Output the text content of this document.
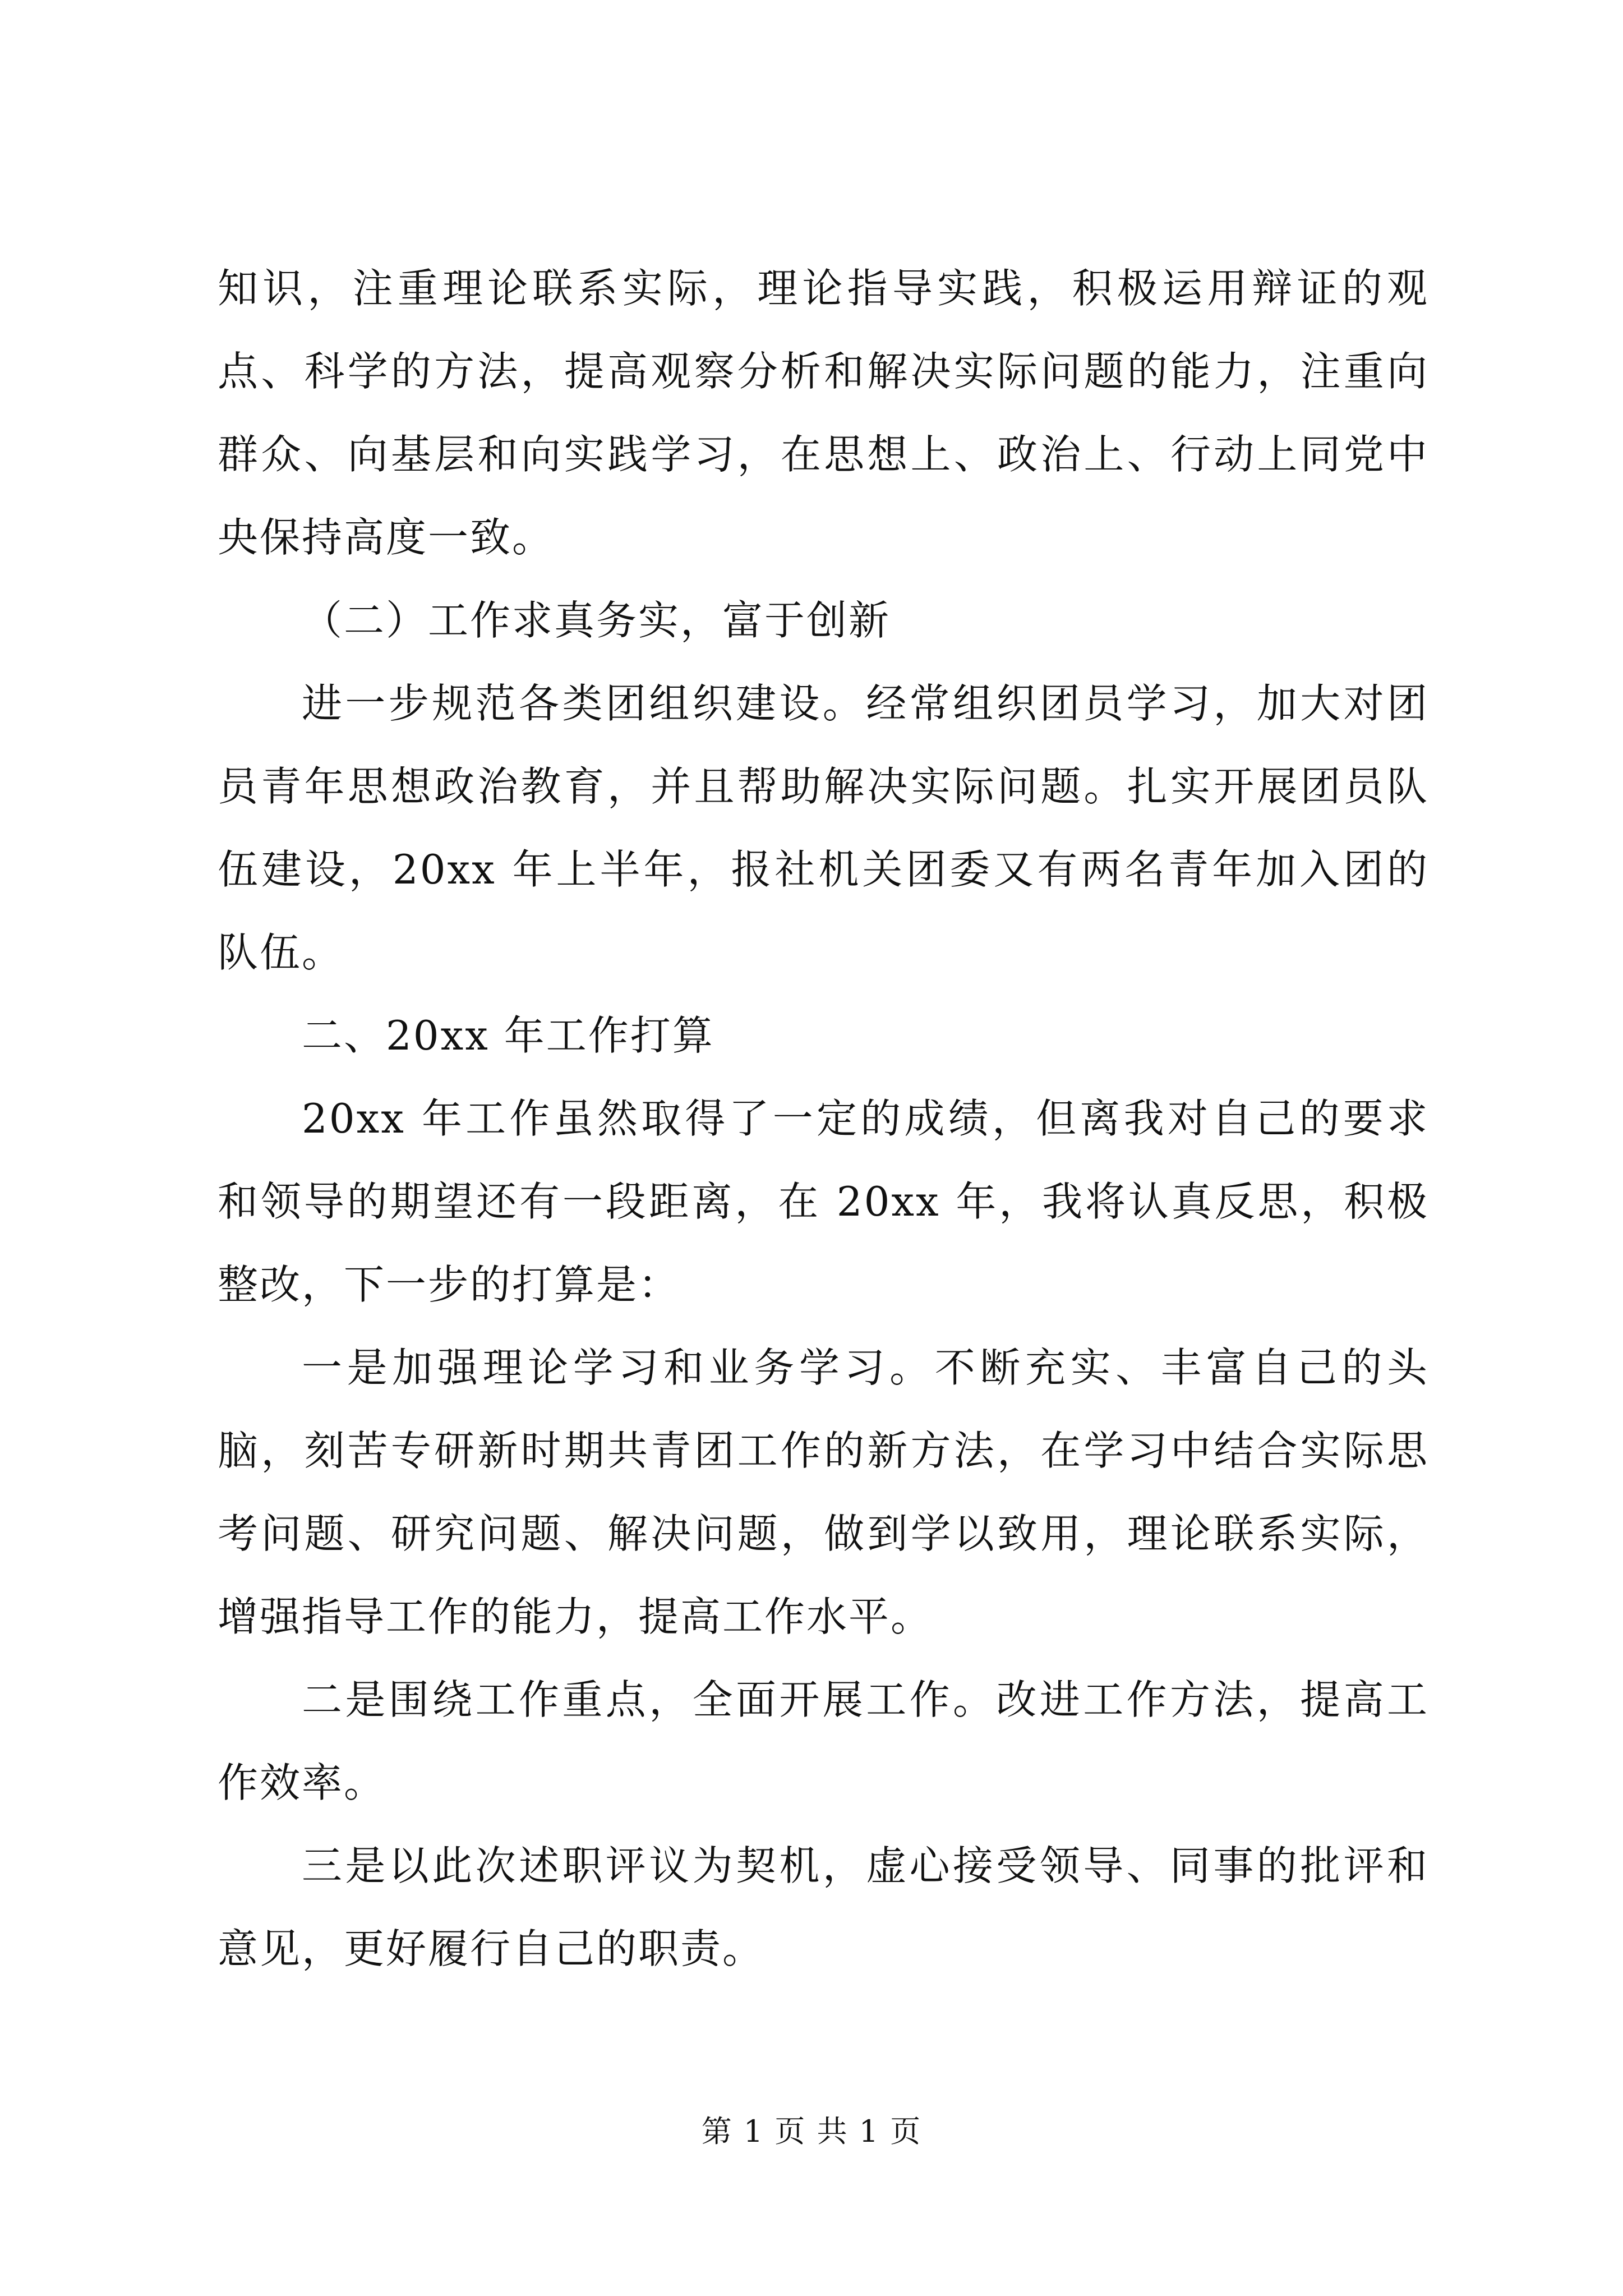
知识，注重理论联系实际，理论指导实践，积极运用辩证的观点、科学的方法，提高观察分析和解决实际问题的能力，注重向群众、向基层和向实践学习，在思想上、政治上、行动上同党中央保持高度一致。

（二）工作求真务实，富于创新

进一步规范各类团组织建设。经常组织团员学习，加大对团员青年思想政治教育，并且帮助解决实际问题。扎实开展团员队伍建设，20xx 年上半年，报社机关团委又有两名青年加入团的队伍。

二、20xx 年工作打算

20xx 年工作虽然取得了一定的成绩，但离我对自己的要求和领导的期望还有一段距离，在 20xx 年，我将认真反思，积极整改，下一步的打算是：

一是加强理论学习和业务学习。不断充实、丰富自己的头脑，刻苦专研新时期共青团工作的新方法，在学习中结合实际思考问题、研究问题、解决问题，做到学以致用，理论联系实际，增强指导工作的能力，提高工作水平。

二是围绕工作重点，全面开展工作。改进工作方法，提高工作效率。

三是以此次述职评议为契机，虚心接受领导、同事的批评和意见，更好履行自己的职责。

第 1 页 共 1 页
